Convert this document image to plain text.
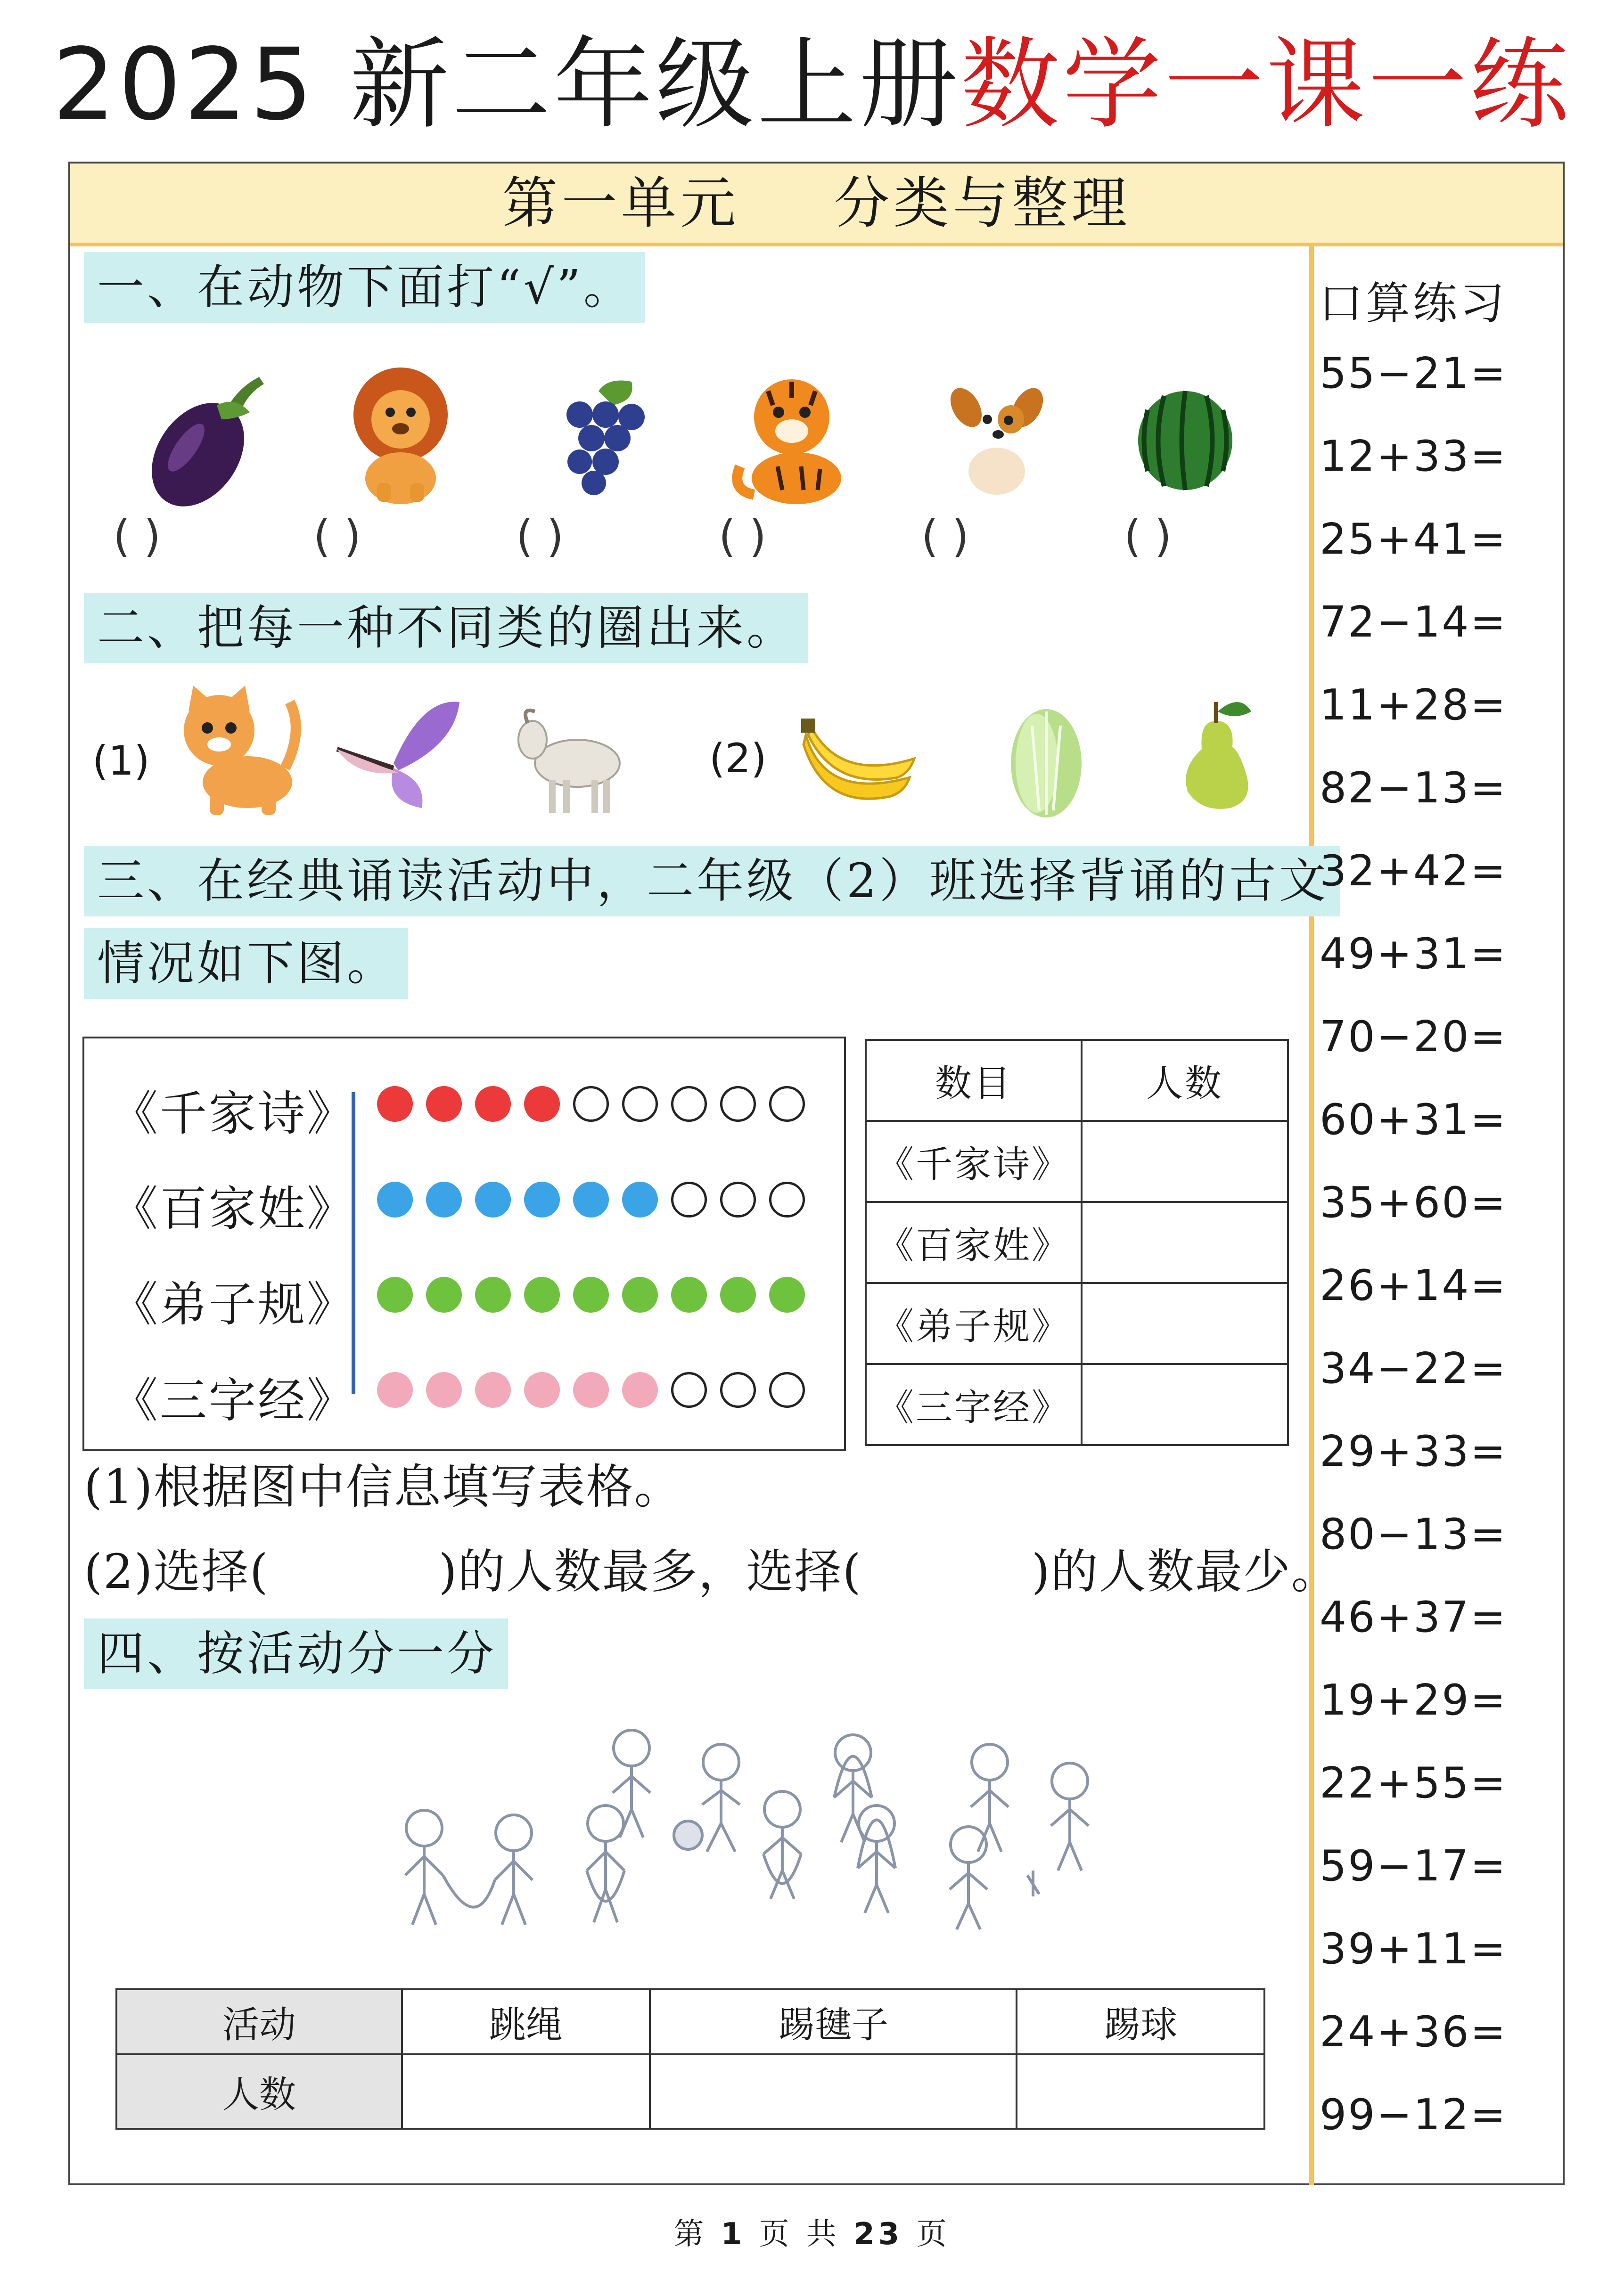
2025 新二年级上册数学一课一练
第一单元 分类与整理
一、在动物下面打“√”。
( )	( )	( )	( )	( )	( )
二、把每一种不同类的圈出来。
(1)	(2)
三、在经典诵读活动中，二年级（2）班选择背诵的古文
情况如下图。
《千家诗》
《百家姓》
《弟子规》
《三字经》
数目	人数
《千家诗》	
《百家姓》	
《弟子规》	
《三字经》	
(1)根据图中信息填写表格。
(2)选择(	)的人数最多，选择(	)的人数最少。
四、按活动分一分
活动	跳绳	踢毽子	踢球
人数			
口算练习
55−21=
12+33=
25+41=
72−14=
11+28=
82−13=
32+42=
49+31=
70−20=
60+31=
35+60=
26+14=
34−22=
29+33=
80−13=
46+37=
19+29=
22+55=
59−17=
39+11=
24+36=
99−12=
第 1 页 共 23 页
